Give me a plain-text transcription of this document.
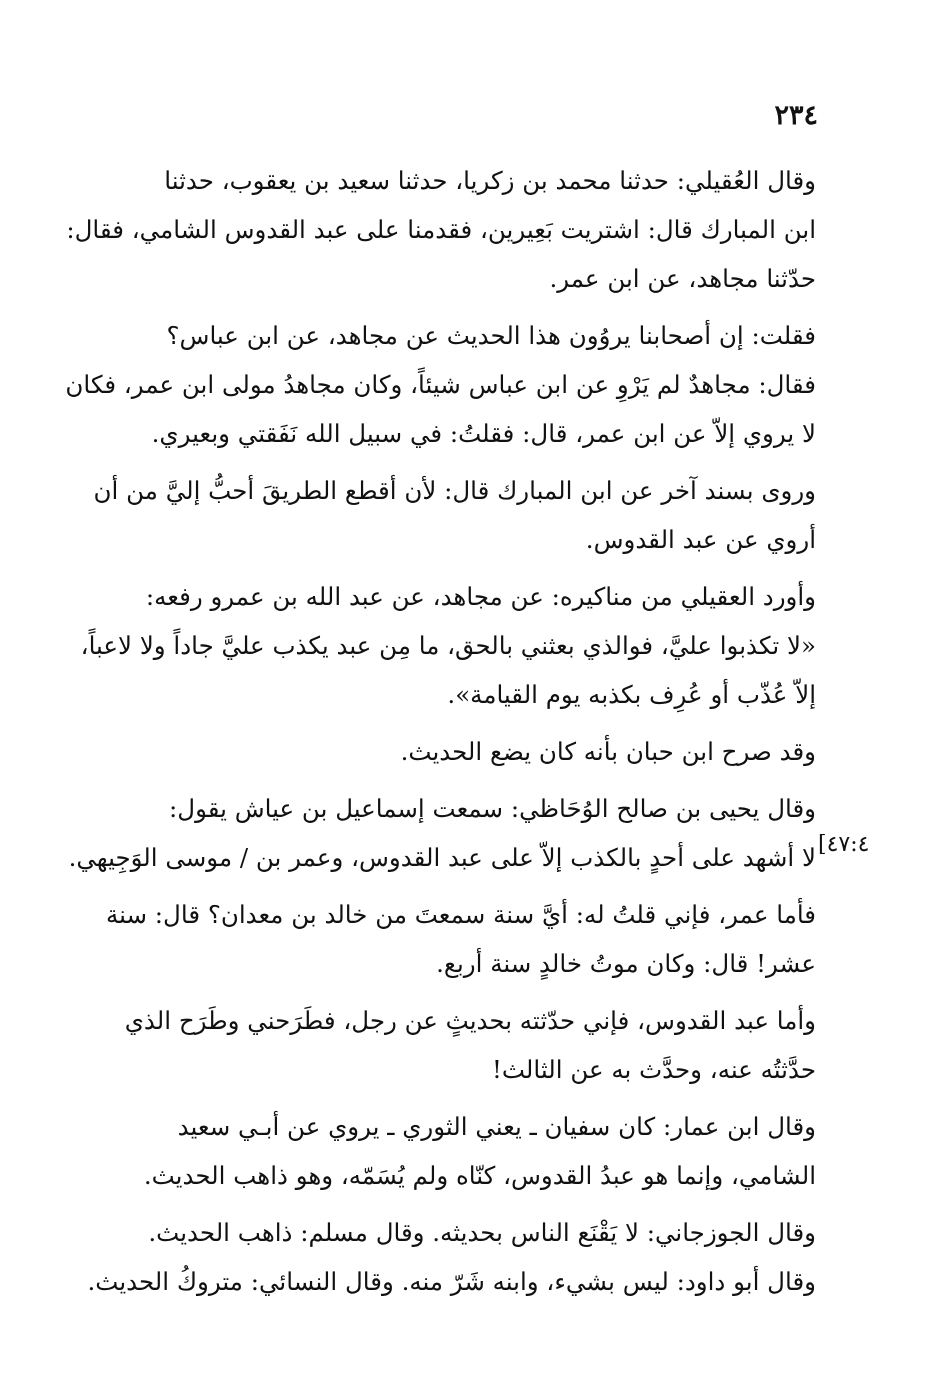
٢٣٤
[٤٧:٤

وقال العُقيلي: حدثنا محمد بن زكريا، حدثنا سعيد بن يعقوب، حدثنا
ابن المبارك قال: اشتريت بَعِيرين، فقدمنا على عبد القدوس الشامي، فقال:
حدّثنا مجاهد، عن ابن عمر.

فقلت: إن أصحابنا يروُون هذا الحديث عن مجاهد، عن ابن عباس؟
فقال: مجاهدٌ لم يَرْوِ عن ابن عباس شيئاً، وكان مجاهدُ مولى ابن عمر، فكان
لا يروي إلاّ عن ابن عمر، قال: فقلتُ: في سبيل الله نَفَقتي وبعيري.

وروى بسند آخر عن ابن المبارك قال: لأن أقطع الطريقَ أحبُّ إليَّ من أن
أروي عن عبد القدوس.

وأورد العقيلي من مناكيره: عن مجاهد، عن عبد الله بن عمرو رفعه:
«لا تكذبوا عليَّ، فوالذي بعثني بالحق، ما مِن عبد يكذب عليَّ جاداً ولا لاعباً،
إلاّ عُذّب أو عُرِف بكذبه يوم القيامة».

وقد صرح ابن حبان بأنه كان يضع الحديث.

وقال يحيى بن صالح الوُحَاظي: سمعت إسماعيل بن عياش يقول:
لا أشهد على أحدٍ بالكذب إلاّ على عبد القدوس، وعمر بن / موسى الوَجِيهي.

فأما عمر، فإني قلتُ له: أيَّ سنة سمعتَ من خالد بن معدان؟ قال: سنة
عشر! قال: وكان موتُ خالدٍ سنة أربع.

وأما عبد القدوس، فإني حدّثته بحديثٍ عن رجل، فطَرَحني وطَرَح الذي
حدَّثتُه عنه، وحدَّث به عن الثالث!

وقال ابن عمار: كان سفيان ـ يعني الثوري ـ يروي عن أبـي سعيد
الشامي، وإنما هو عبدُ القدوس، كنّاه ولم يُسَمّه، وهو ذاهب الحديث.

وقال الجوزجاني: لا يَقْنَع الناس بحديثه. وقال مسلم: ذاهب الحديث.
وقال أبو داود: ليس بشيء، وابنه شَرّ منه. وقال النسائي: متروكُ الحديث.
